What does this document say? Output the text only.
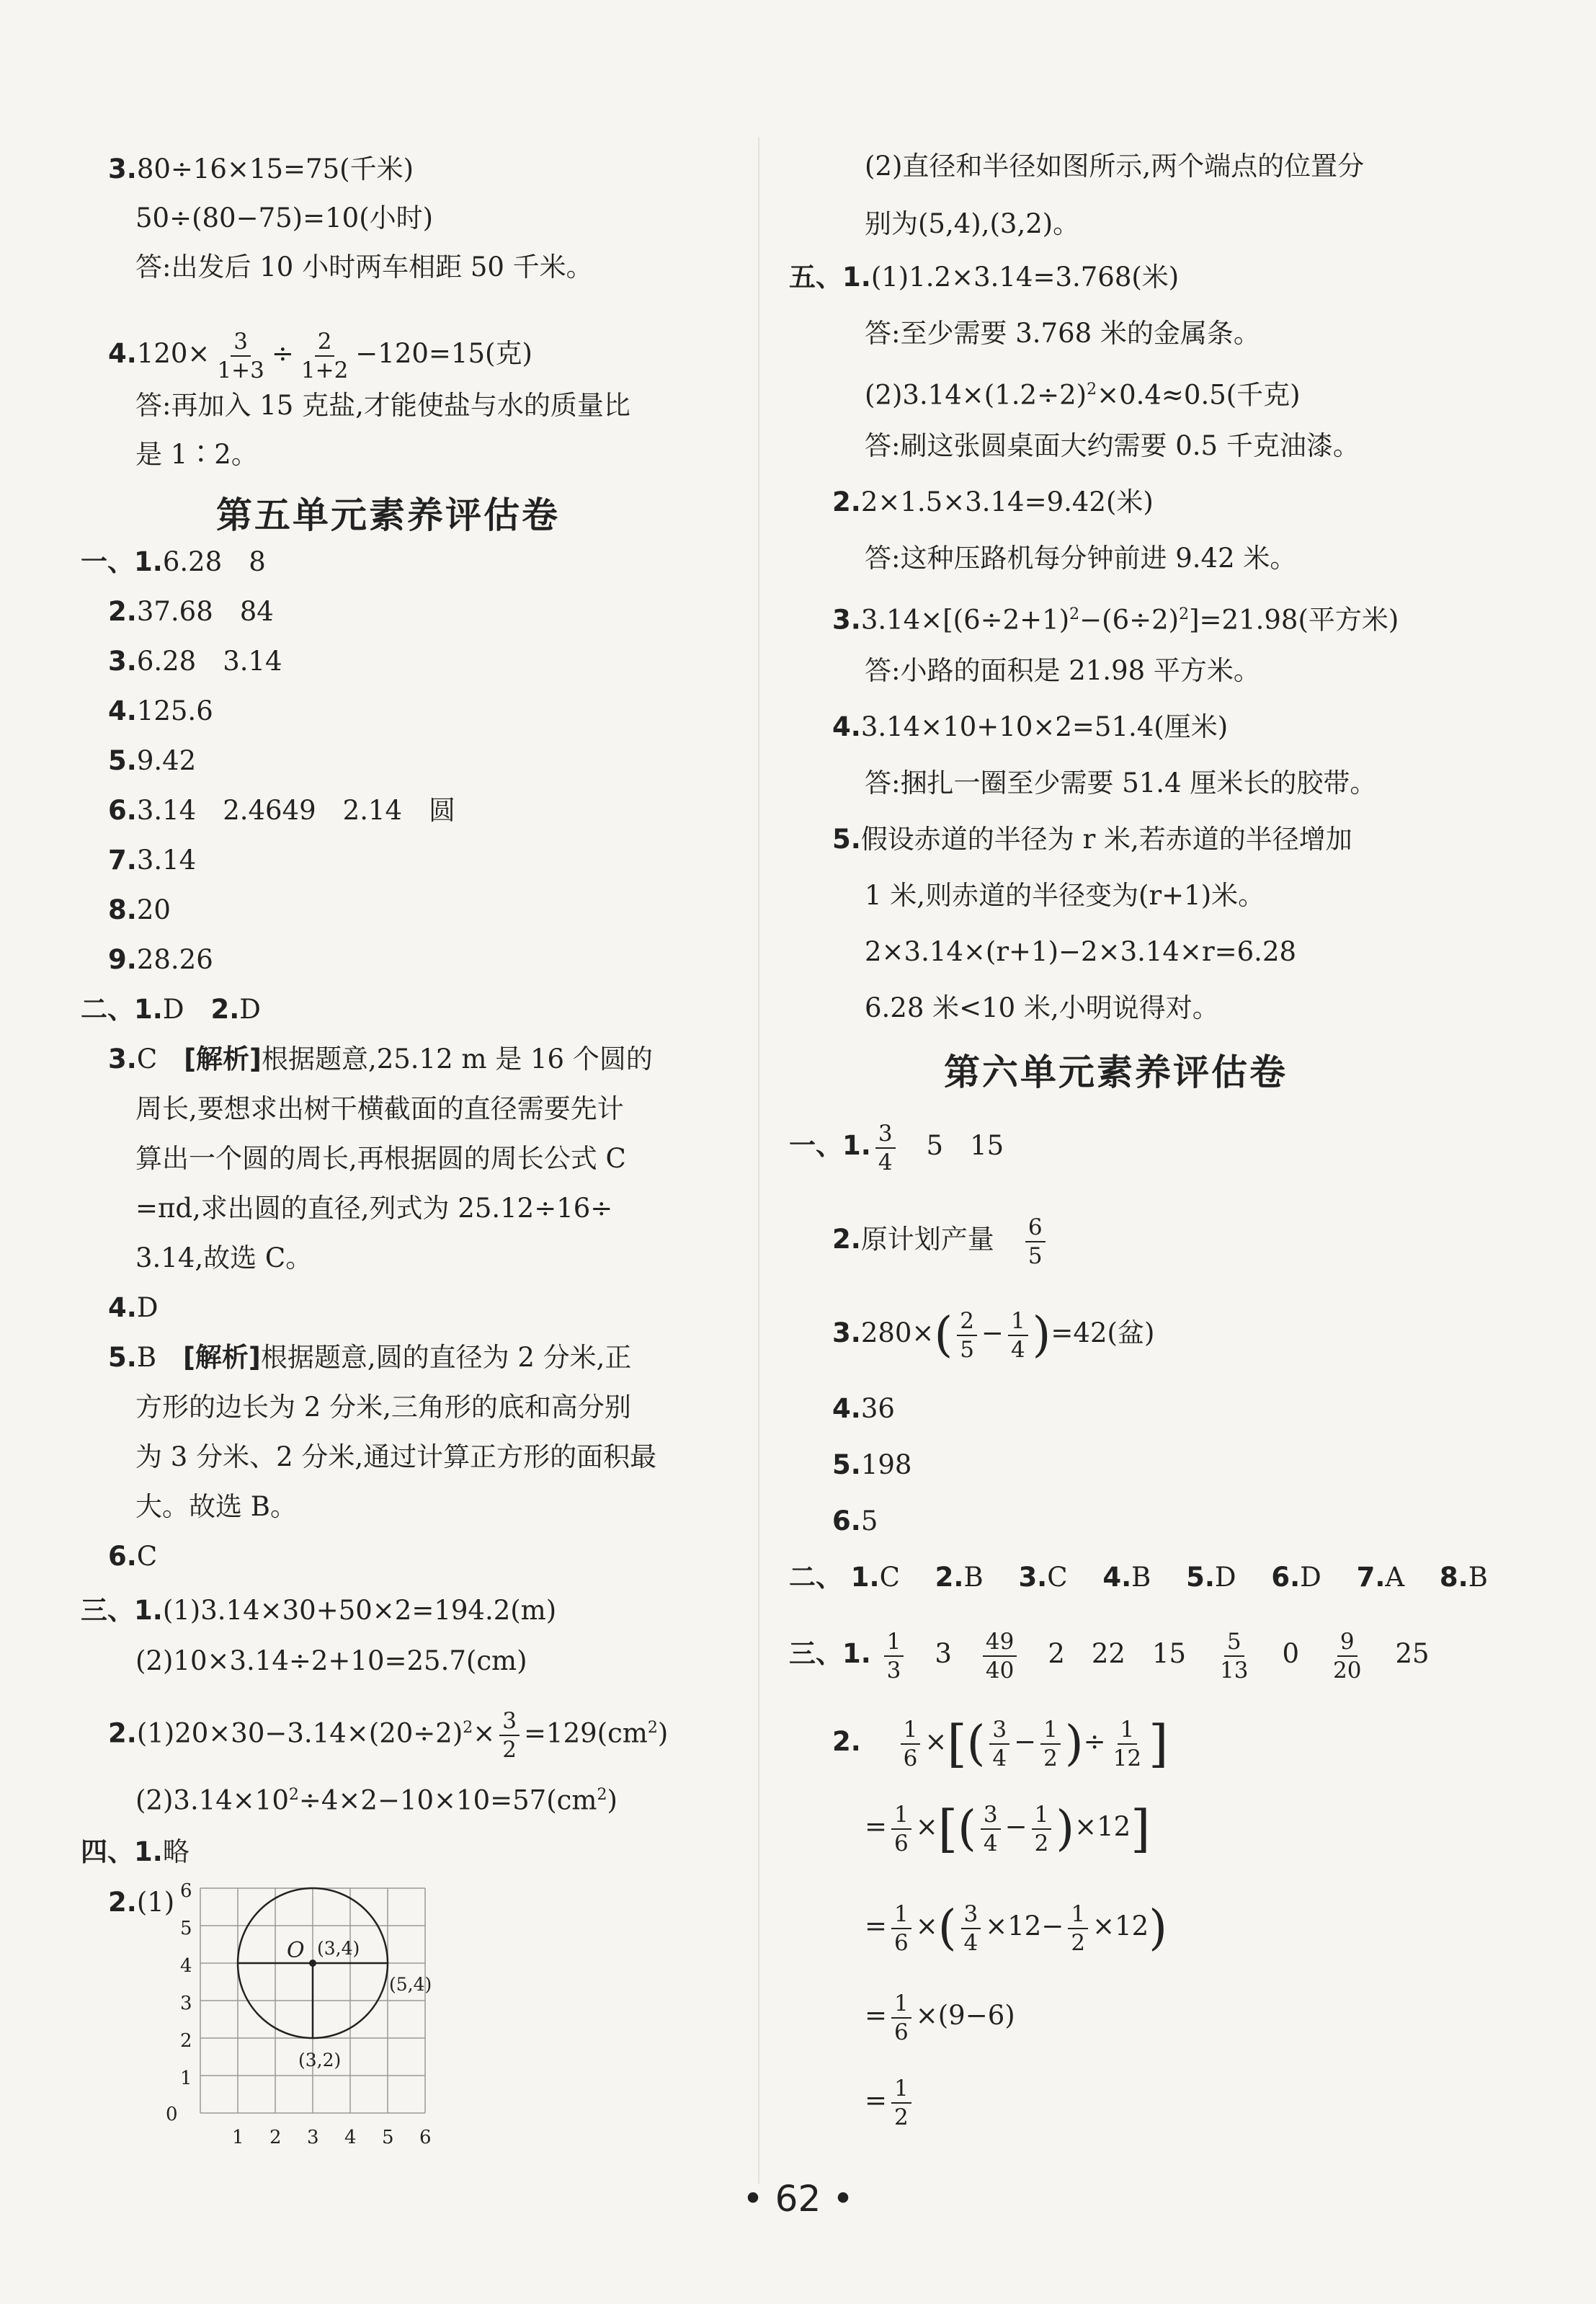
3.80÷16×15=75(千米)
50÷(80−75)=10(小时)
答:出发后 10 小时两车相距 50 千米。
$4.120\times \frac{3}{1+3} \div \frac{2}{1+2} -120=15$(克)
答:再加入 15 克盐,才能使盐与水的质量比
是 1∶2。
第五单元素养评估卷
一、1.6.28　8
2.37.68　84
3.6.28　3.14
4.125.6
5.9.42
6.3.14　2.4649　2.14　圆
7.3.14
8.20
9.28.26
二、1.D　 2.D
3.C　[解析]根据题意,25.12 m 是 16 个圆的
周长,要想求出树干横截面的直径需要先计
算出一个圆的周长,再根据圆的周长公式 C
=πd,求出圆的直径,列式为 25.12÷16÷
3.14,故选 C。
4.D
5.B　[解析]根据题意,圆的直径为 2 分米,正
方形的边长为 2 分米,三角形的底和高分别
为 3 分米、2 分米,通过计算正方形的面积最
大。故选 B。
6.C
三、1.(1)3.14×30+50×2=194.2(m)
(2)10×3.14÷2+10=25.7(cm)
$2.(1)20\times 30-3.14\times(20\div 2)^2\times \frac{3}{2} =129(cm^2)$
$(2)3.14\times 10^2\div 4\times 2-10\times 10=57(cm^2)$
四、1.略
2.(1)
0
1 2 3 4 5 6
1
2
3
4
5
6
O (3,4)
(5,4)
(3,2)
(2)直径和半径如图所示,两个端点的位置分
别为(5,4),(3,2)。
五、1.(1)1.2×3.14=3.768(米)
答:至少需要 3.768 米的金属条。
$(2)3.14\times(1.2\div 2)^2\times 0.4\approx 0.5$(千克)
答:刷这张圆桌面大约需要 0.5 千克油漆。
2.2×1.5×3.14=9.42(米)
答:这种压路机每分钟前进 9.42 米。
$3.3.14\times[(6\div 2+1)^2-(6\div 2)^2]=21.98$(平方米)
答:小路的面积是 21.98 平方米。
4.3.14×10+10×2=51.4(厘米)
答:捆扎一圈至少需要 51.4 厘米长的胶带。
5.假设赤道的半径为 r 米,若赤道的半径增加
1 米,则赤道的半径变为(r+1)米。
2×3.14×(r+1)−2×3.14×r=6.28
6.28 米<10 米,小明说得对。
第六单元素养评估卷
一、1. $\frac{3}{4}$
　 5　15
2.原计划产量　 $\frac{6}{5}$
$3.280\times( \frac{2}{5} - \frac{1}{4} )=42$(盆)
4.36
5.198
6.5
二、 1.C　 2.B　 3.C　 4.B　 5.D　 6.D　 7.A　 8.B
三、1. $\frac{1}{3}$
　 3　 $\frac{49}{40}$
　 2　 22　 15　 $\frac{5}{13}$
　 0　 $\frac{9}{20}$
　 25
2.　 $\frac{1}{6}$ ×[( $\frac{3}{4} - \frac{1}{2}$ )÷ $\frac{1}{12}$ ]
= $\frac{1}{6}$ ×[( $\frac{3}{4} - \frac{1}{2} )\times 12$]
= $\frac{1}{6}$ ×( $\frac{3}{4} \times 12- \frac{1}{2} \times 12$)
= $\frac{1}{6} \times(9-6)$
= $\frac{1}{2}$
• 62 •
